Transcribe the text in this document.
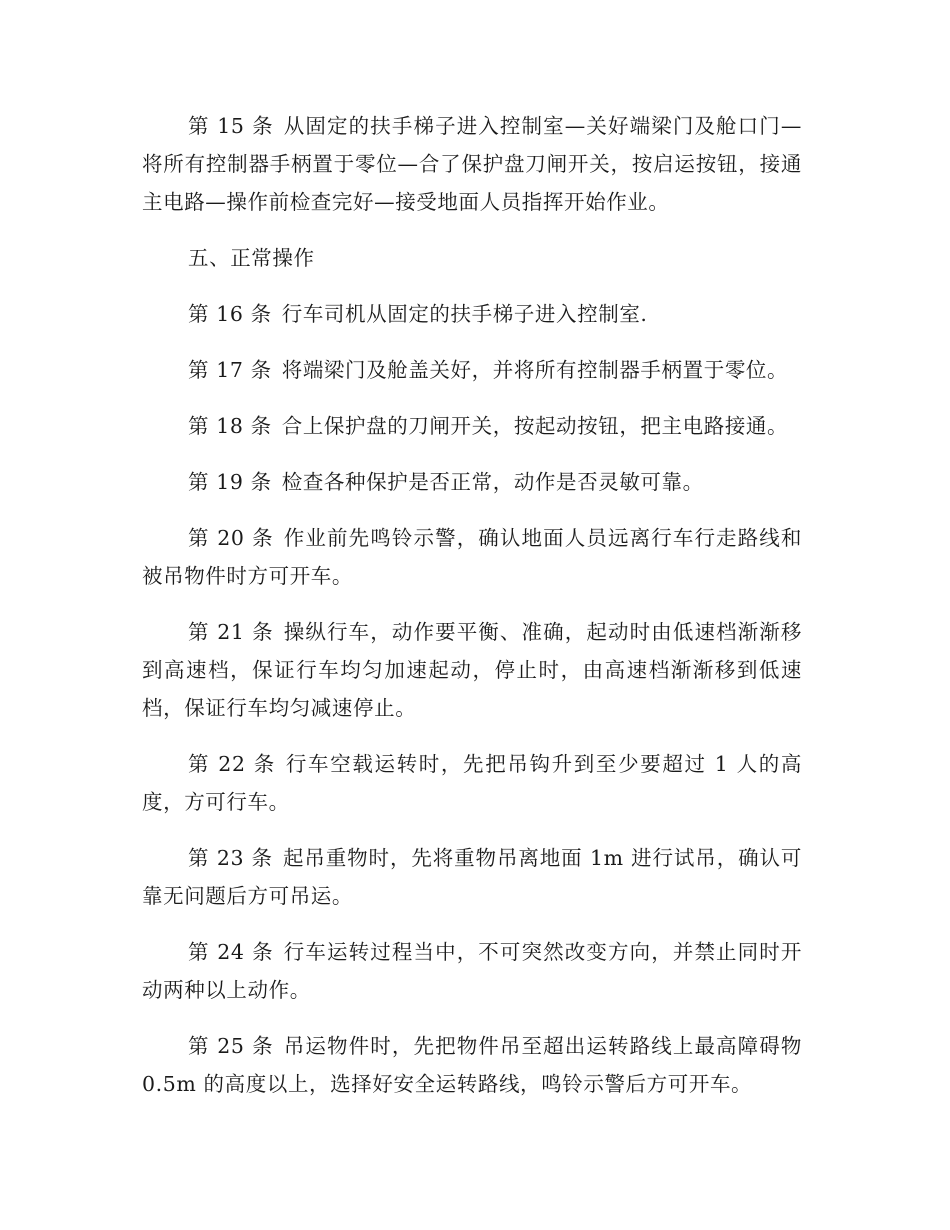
第 15 条 从固定的扶手梯子进入控制室—关好端梁门及舱口门—将所有控制器手柄置于零位—合了保护盘刀闸开关，按启运按钮，接通主电路—操作前检查完好—接受地面人员指挥开始作业。

五、正常操作

第 16 条 行车司机从固定的扶手梯子进入控制室.

第 17 条 将端梁门及舱盖关好，并将所有控制器手柄置于零位。

第 18 条 合上保护盘的刀闸开关，按起动按钮，把主电路接通。

第 19 条 检查各种保护是否正常，动作是否灵敏可靠。

第 20 条 作业前先鸣铃示警，确认地面人员远离行车行走路线和被吊物件时方可开车。

第 21 条 操纵行车，动作要平衡、准确，起动时由低速档渐渐移到高速档，保证行车均匀加速起动，停止时，由高速档渐渐移到低速档，保证行车均匀减速停止。

第 22 条 行车空载运转时，先把吊钩升到至少要超过 1 人的高度，方可行车。

第 23 条 起吊重物时，先将重物吊离地面 1m 进行试吊，确认可靠无问题后方可吊运。

第 24 条 行车运转过程当中，不可突然改变方向，并禁止同时开动两种以上动作。

第 25 条 吊运物件时，先把物件吊至超出运转路线上最高障碍物 0.5m 的高度以上，选择好安全运转路线，鸣铃示警后方可开车。
